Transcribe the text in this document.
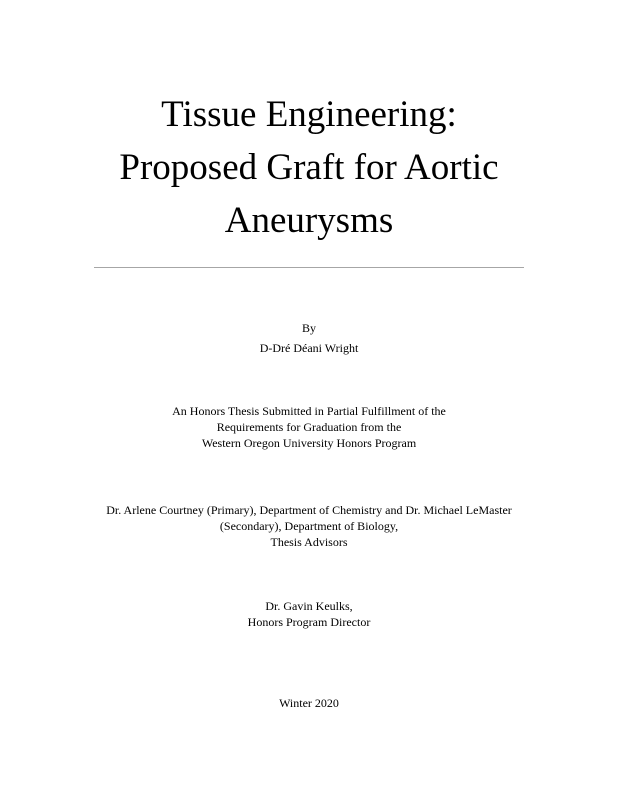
Tissue Engineering:
Proposed Graft for Aortic
Aneurysms
By
D-Dré Déani Wright
An Honors Thesis Submitted in Partial Fulfillment of the
Requirements for Graduation from the
Western Oregon University Honors Program
Dr. Arlene Courtney (Primary), Department of Chemistry and Dr. Michael LeMaster
(Secondary), Department of Biology,
Thesis Advisors
Dr. Gavin Keulks,
Honors Program Director
Winter 2020
